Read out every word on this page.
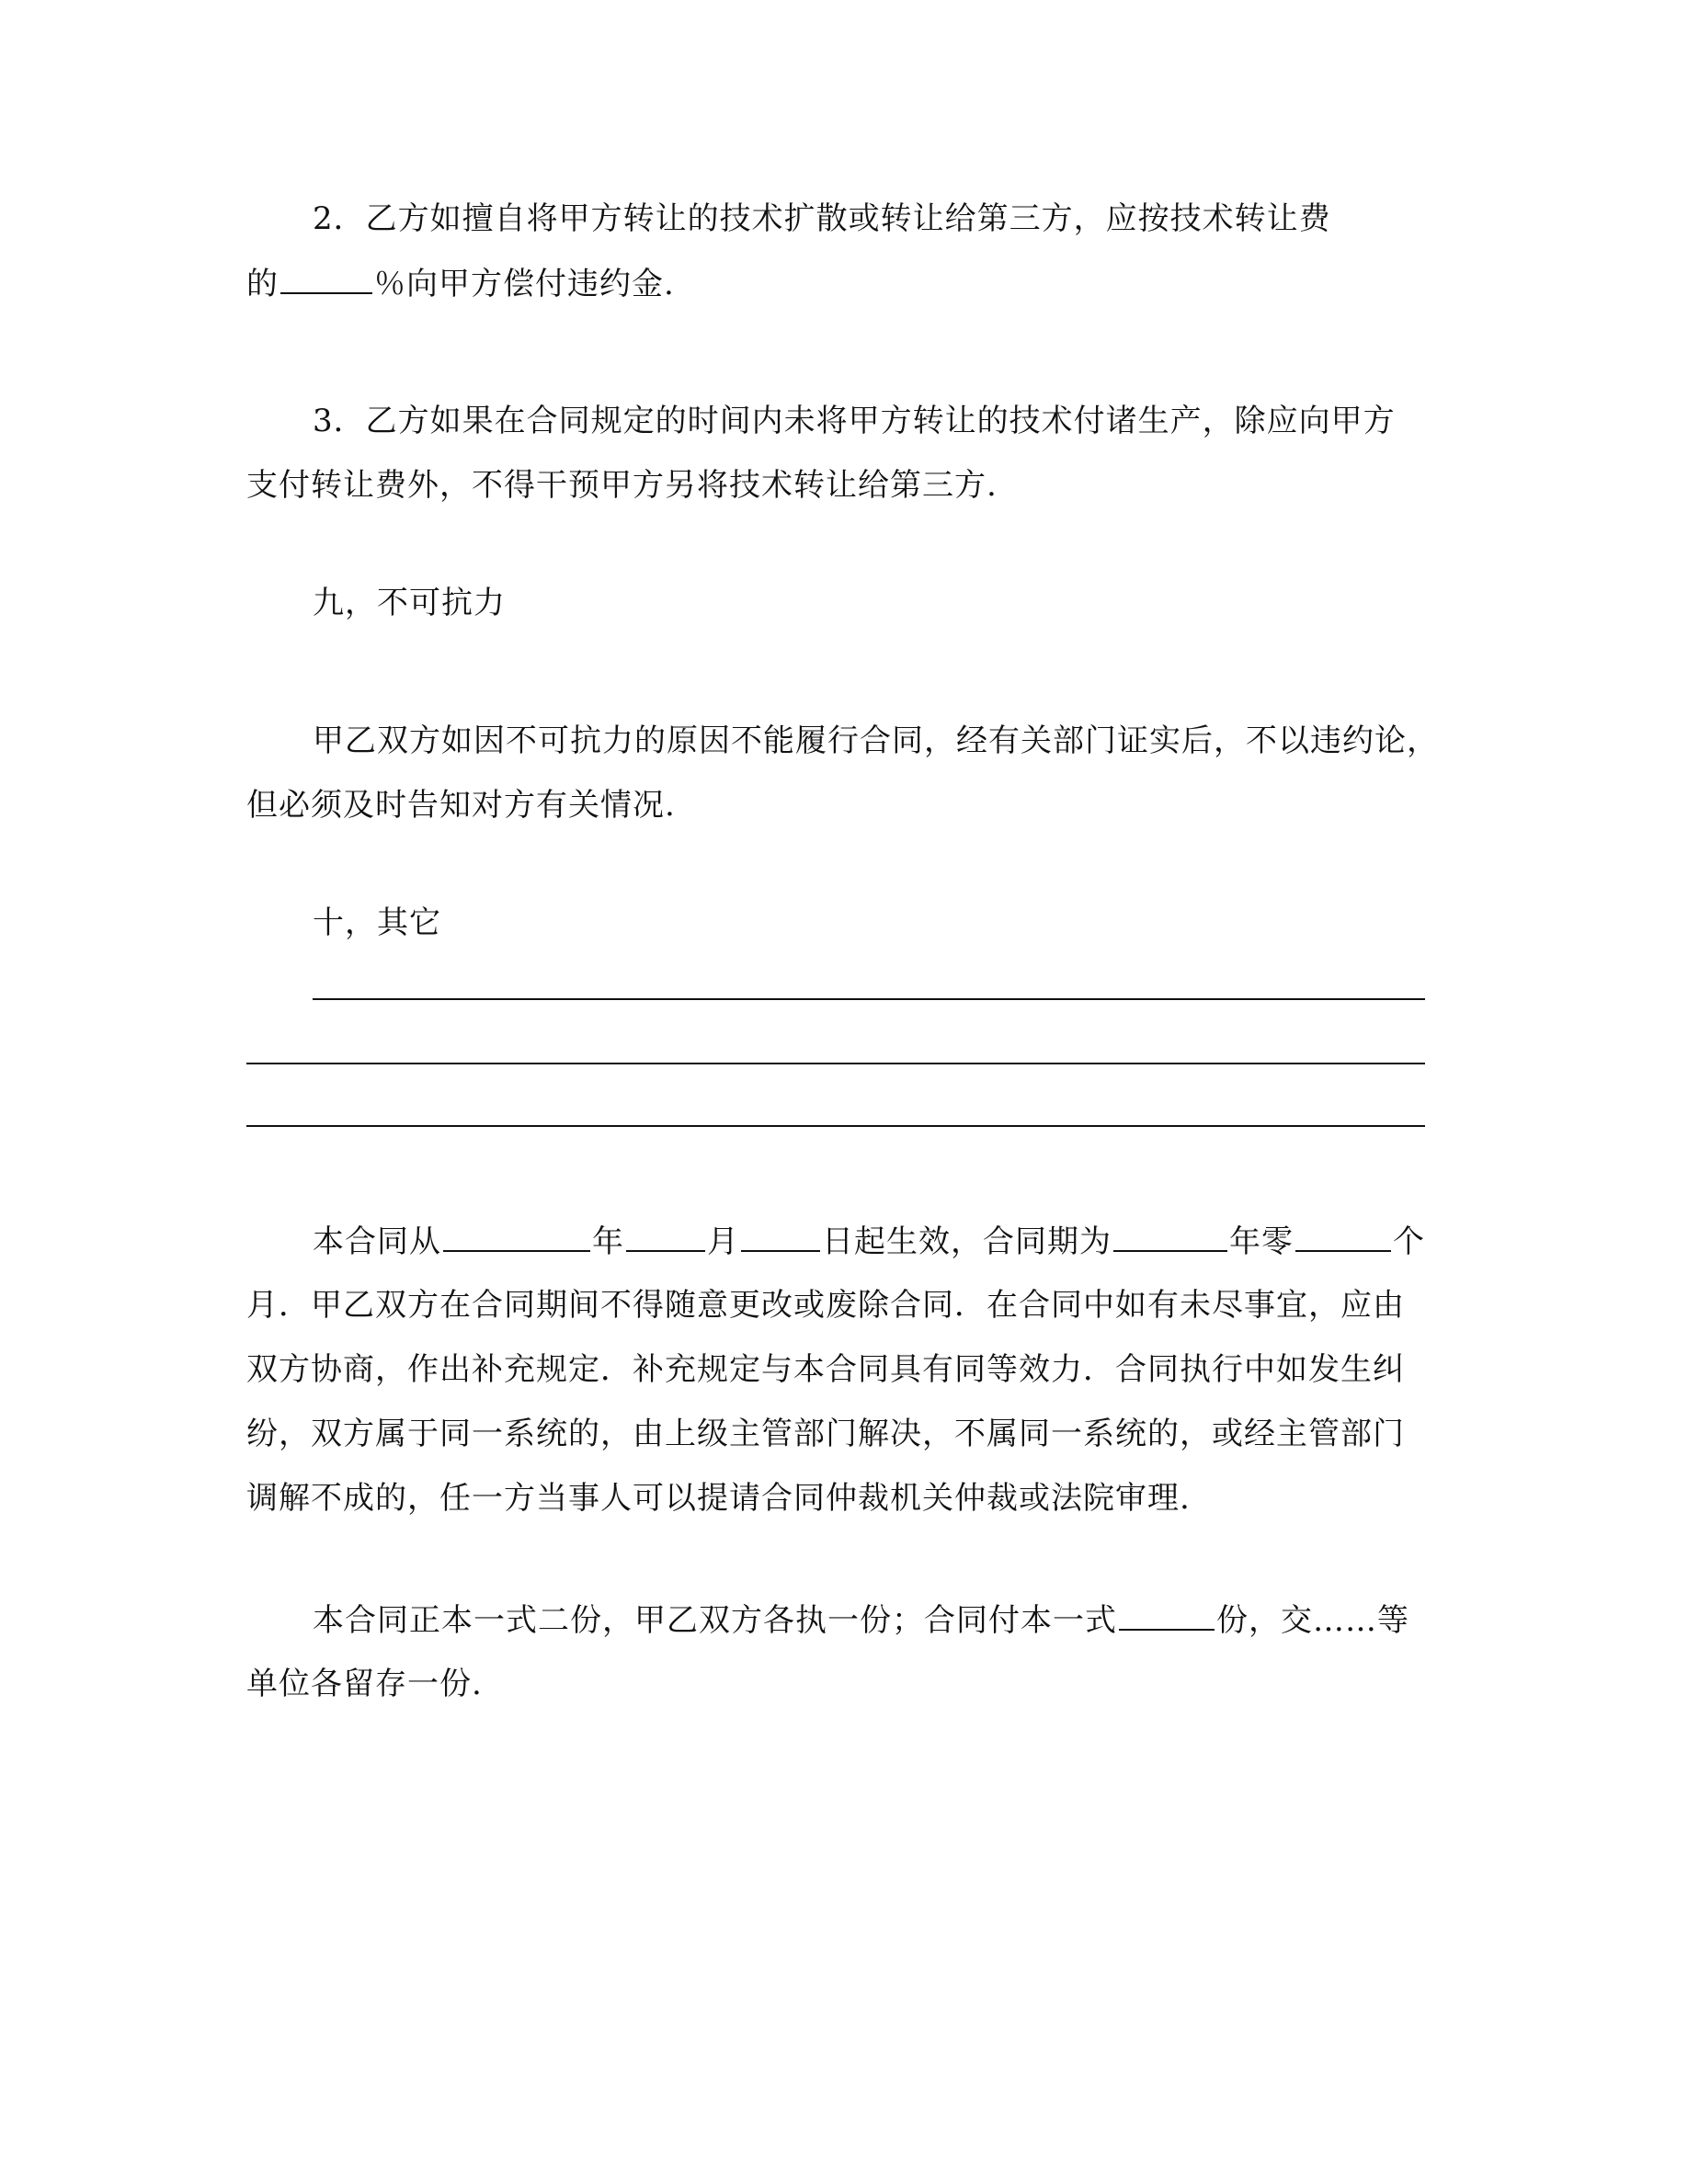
2．乙方如擅自将甲方转让的技术扩散或转让给第三方，应按技术转让费
的	％向甲方偿付违约金.
3．乙方如果在合同规定的时间内未将甲方转让的技术付诸生产，除应向甲方
支付转让费外，不得干预甲方另将技术转让给第三方.
九，不可抗力
甲乙双方如因不可抗力的原因不能履行合同，经有关部门证实后，不以违约论，
但必须及时告知对方有关情况.
十，其它
本合同从	年	月	日起生效，合同期为	年零	个
月．甲乙双方在合同期间不得随意更改或废除合同．在合同中如有未尽事宜，应由
双方协商，作出补充规定．补充规定与本合同具有同等效力．合同执行中如发生纠
纷，双方属于同一系统的，由上级主管部门解决，不属同一系统的，或经主管部门
调解不成的，任一方当事人可以提请合同仲裁机关仲裁或法院审理.
本合同正本一式二份，甲乙双方各执一份；合同付本一式	份，交……等
单位各留存一份.
